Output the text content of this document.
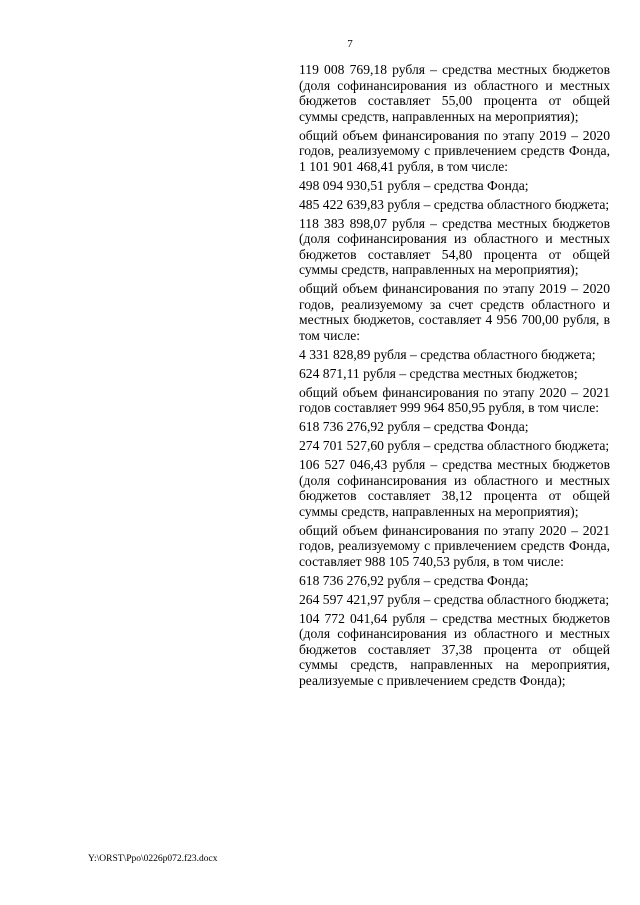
7

119 008 769,18 рубля – средства местных бюджетов (доля софинансирования из областного и местных бюджетов составляет 55,00 процента от общей суммы средств, направленных на мероприятия);

общий объем финансирования по этапу 2019 – 2020 годов, реализуемому с привлечением средств Фонда, 1 101 901 468,41 рубля, в том числе:

498 094 930,51 рубля – средства Фонда;

485 422 639,83 рубля – средства областного бюджета;

118 383 898,07 рубля – средства местных бюджетов (доля софинансирования из областного и местных бюджетов составляет 54,80 процента от общей суммы средств, направленных на мероприятия);

общий объем финансирования по этапу 2019 – 2020 годов, реализуемому за счет средств областного и местных бюджетов, составляет 4 956 700,00 рубля, в том числе:

4 331 828,89 рубля – средства областного бюджета;

624 871,11 рубля – средства местных бюджетов;

общий объем финансирования по этапу 2020 – 2021 годов составляет 999 964 850,95 рубля, в том числе:

618 736 276,92 рубля – средства Фонда;

274 701 527,60 рубля – средства областного бюджета;

106 527 046,43 рубля – средства местных бюджетов (доля софинансирования из областного и местных бюджетов составляет 38,12 процента от общей суммы средств, направленных на мероприятия);

общий объем финансирования по этапу 2020 – 2021 годов, реализуемому с привлечением средств Фонда, составляет 988 105 740,53 рубля, в том числе:

618 736 276,92 рубля – средства Фонда;

264 597 421,97 рубля – средства областного бюджета;

104 772 041,64 рубля – средства местных бюджетов (доля софинансирования из областного и местных бюджетов составляет 37,38 процента от общей суммы средств, направленных на мероприятия, реализуемые с привлечением средств Фонда);

Y:\ORST\Ppo\0226p072.f23.docx
